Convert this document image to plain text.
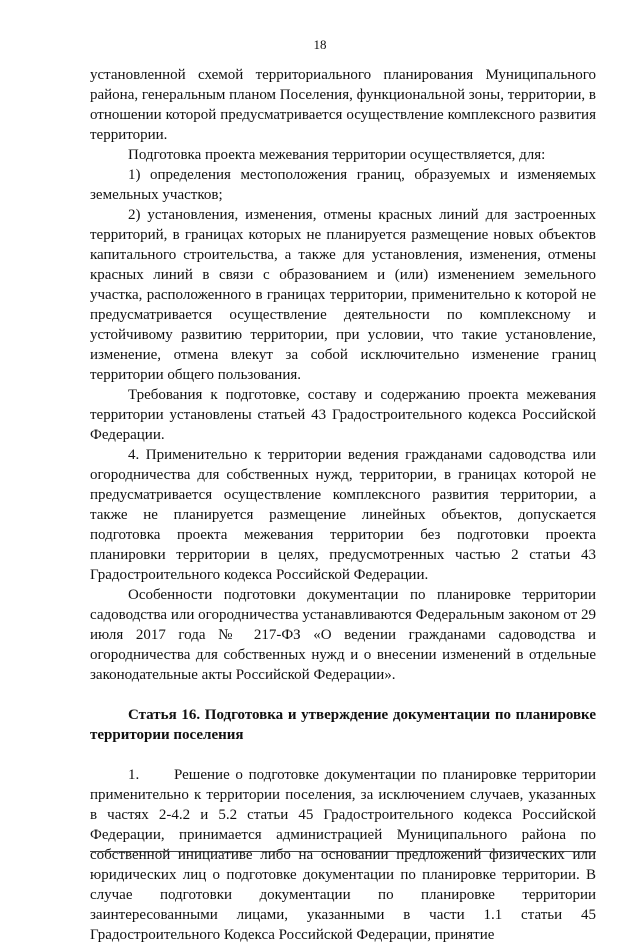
18

установленной схемой территориального планирования Муниципального района, генеральным планом Поселения, функциональной зоны, территории, в отношении которой предусматривается осуществление комплексного развития территории.

Подготовка проекта межевания территории осуществляется, для:

1) определения местоположения границ, образуемых и изменяемых земельных участков;

2) установления, изменения, отмены красных линий для застроенных территорий, в границах которых не планируется размещение новых объектов капитального строительства, а также для установления, изменения, отмены красных линий в связи с образованием и (или) изменением земельного участка, расположенного в границах территории, применительно к которой не предусматривается осуществление деятельности по комплексному и устойчивому развитию территории, при условии, что такие установление, изменение, отмена влекут за собой исключительно изменение границ территории общего пользования.

Требования к подготовке, составу и содержанию проекта межевания территории установлены статьей 43 Градостроительного кодекса Российской Федерации.

4. Применительно к территории ведения гражданами садоводства или огородничества для собственных нужд, территории, в границах которой не предусматривается осуществление комплексного развития территории, а также не планируется размещение линейных объектов, допускается подготовка проекта межевания территории без подготовки проекта планировки территории в целях, предусмотренных частью 2 статьи 43 Градостроительного кодекса Российской Федерации.

Особенности подготовки документации по планировке территории садоводства или огородничества устанавливаются Федеральным законом от 29 июля 2017 года № 217-ФЗ «О ведении гражданами садоводства и огородничества для собственных нужд и о внесении изменений в отдельные законодательные акты Российской Федерации».

Статья 16. Подготовка и утверждение документации по планировке территории поселения

1. Решение о подготовке документации по планировке территории применительно к территории поселения, за исключением случаев, указанных в частях 2-4.2 и 5.2 статьи 45 Градостроительного кодекса Российской Федерации, принимается администрацией Муниципального района по собственной инициативе либо на основании предложений физических или юридических лиц о подготовке документации по планировке территории. В случае подготовки документации по планировке территории заинтересованными лицами, указанными в части 1.1 статьи 45 Градостроительного Кодекса Российской Федерации, принятие
